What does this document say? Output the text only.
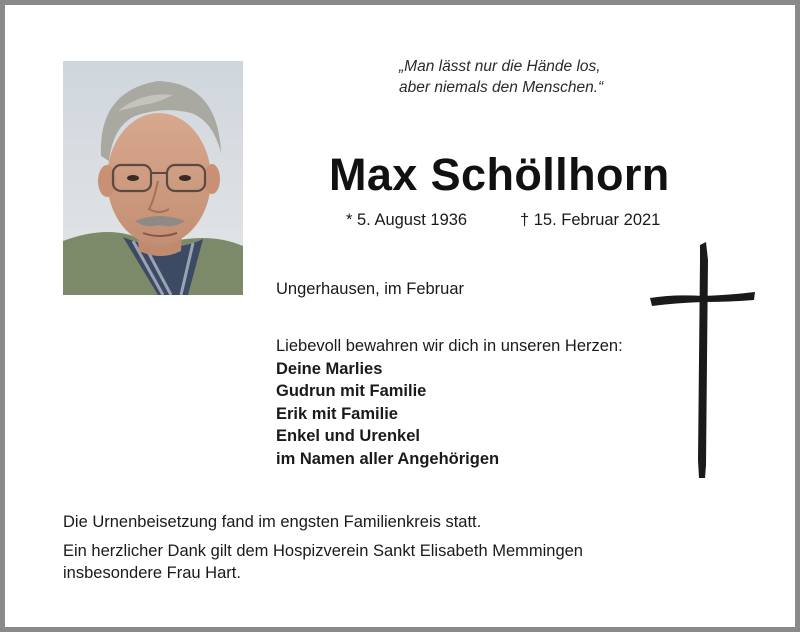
„Man lässt nur die Hände los,
aber niemals den Menschen.“
Max Schöllhorn
* 5. August 1936	† 15. Februar 2021
Ungerhausen, im Februar
Liebevoll bewahren wir dich in unseren Herzen:
Deine Marlies
Gudrun mit Familie
Erik mit Familie
Enkel und Urenkel
im Namen aller Angehörigen
Die Urnenbeisetzung fand im engsten Familienkreis statt.
Ein herzlicher Dank gilt dem Hospizverein Sankt Elisabeth Memmingen
insbesondere Frau Hart.
